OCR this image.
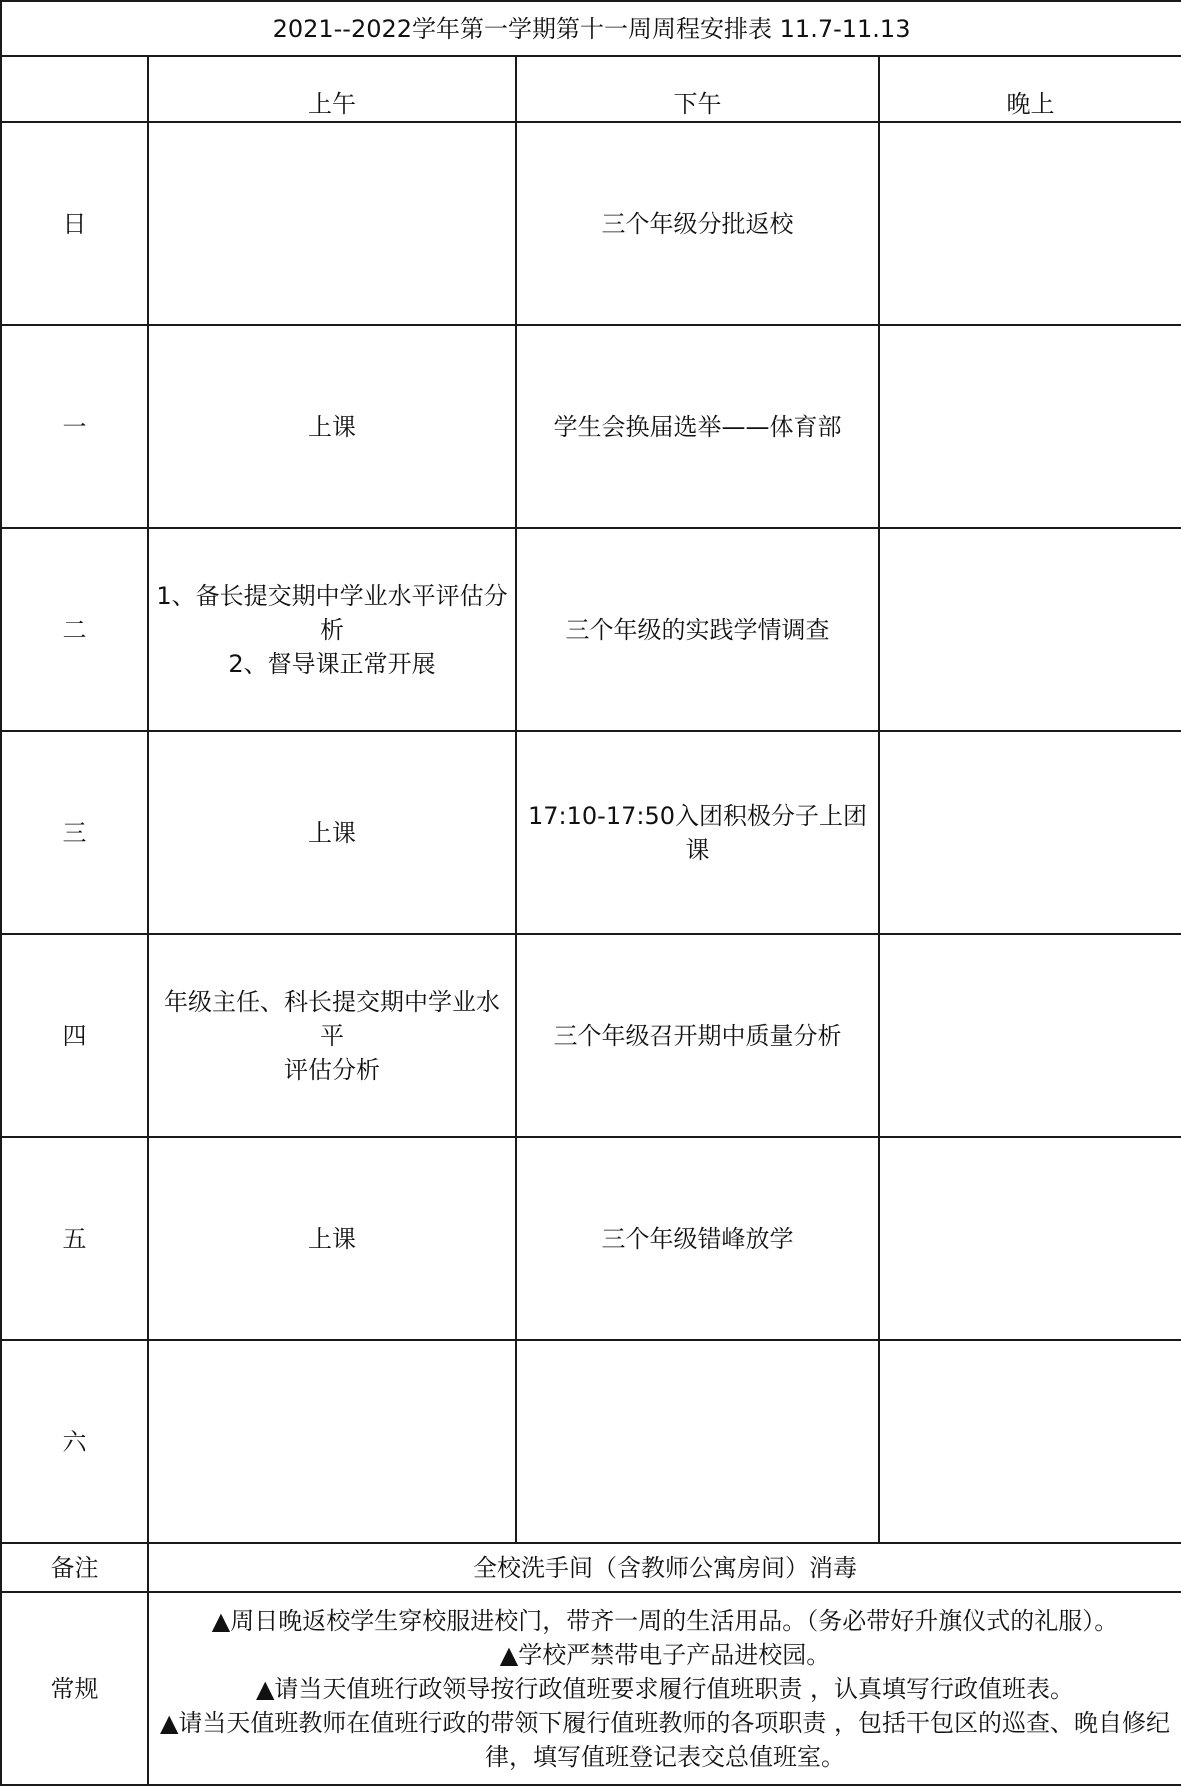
2021--2022学年第一学期第十一周周程安排表 11.7-11.13			
	上午	下午	晚上
日		三个年级分批返校	

一	上课	学生会换届选举——体育部	

二	1、备长提交期中学业水平评估分
析
2、督导课正常开展	三个年级的实践学情调查	

三	上课	17:10-17:50入团积极分子上团课	

四	年级主任、科长提交期中学业水平
评估分析	三个年级召开期中质量分析	

五	上课	三个年级错峰放学	

六			
备注	全校洗手间（含教师公寓房间）消毒		
常规	▲周日晚返校学生穿校服进校门，带齐一周的生活用品。（务必带好升旗仪式的礼服）。
▲学校严禁带电子产品进校园。
▲请当天值班行政领导按行政值班要求履行值班职责 ，认真填写行政值班表。
▲请当天值班教师在值班行政的带领下履行值班教师的各项职责 ，包括干包区的巡查、晚自修纪
律，填写值班登记表交总值班室。		
